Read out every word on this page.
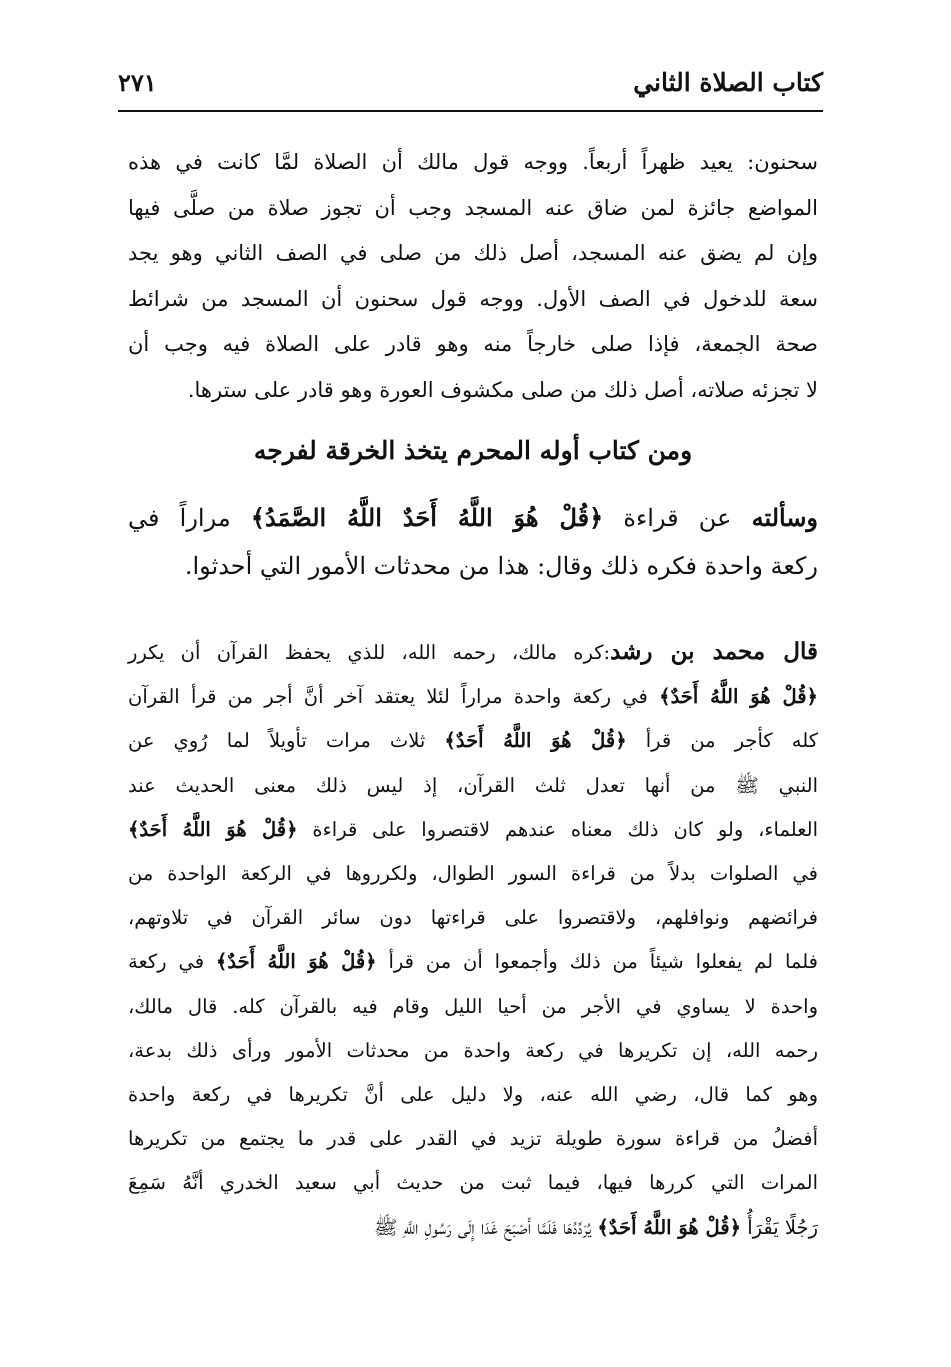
كتاب الصلاة الثاني
٢٧١
سحنون: يعيد ظهراً أربعاً. ووجه قول مالك أن الصلاة لمَّا كانت في هذه
المواضع جائزة لمن ضاق عنه المسجد وجب أن تجوز صلاة من صلَّى فيها
وإن لم يضق عنه المسجد، أصل ذلك من صلى في الصف الثاني وهو يجد
سعة للدخول في الصف الأول. ووجه قول سحنون أن المسجد من شرائط
صحة الجمعة، فإذا صلى خارجاً منه وهو قادر على الصلاة فيه وجب أن
لا تجزئه صلاته، أصل ذلك من صلى مكشوف العورة وهو قادر على سترها.
ومن كتاب أوله المحرم يتخذ الخرقة لفرجه
وسألته عن قراءة ﴿قُلْ هُوَ اللَّهُ أَحَدٌ اللَّهُ الصَّمَدُ﴾ مراراً في
ركعة واحدة فكره ذلك وقال: هذا من محدثات الأمور التي أحدثوا.
قال محمد بن رشد:كره مالك، رحمه الله، للذي يحفظ القرآن أن يكرر
﴿قُلْ هُوَ اللَّهُ أَحَدٌ﴾ في ركعة واحدة مراراً لئلا يعتقد آخر أنَّ أجر من قرأ القرآن
كله كأجر من قرأ ﴿قُلْ هُوَ اللَّهُ أَحَدٌ﴾ ثلاث مرات تأويلاً لما رُوي عن
النبي ﷺ من أنها تعدل ثلث القرآن، إذ ليس ذلك معنى الحديث عند
العلماء، ولو كان ذلك معناه عندهم لاقتصروا على قراءة ﴿قُلْ هُوَ اللَّهُ أَحَدٌ﴾
في الصلوات بدلاً من قراءة السور الطوال، ولكرروها في الركعة الواحدة من
فرائضهم ونوافلهم، ولاقتصروا على قراءتها دون سائر القرآن في تلاوتهم،
فلما لم يفعلوا شيئاً من ذلك وأجمعوا أن من قرأ ﴿قُلْ هُوَ اللَّهُ أَحَدٌ﴾ في ركعة
واحدة لا يساوي في الأجر من أحيا الليل وقام فيه بالقرآن كله. قال مالك،
رحمه الله، إن تكريرها في ركعة واحدة من محدثات الأمور ورأى ذلك بدعة،
وهو كما قال، رضي الله عنه، ولا دليل على أنَّ تكريرها في ركعة واحدة
أفضلُ من قراءة سورة طويلة تزيد في القدر على قدر ما يجتمع من تكريرها
المرات التي كررها فيها، فيما ثبت من حديث أبي سعيد الخدري أنَّهُ سَمِعَ
رَجُلًا يَقْرَأُ ﴿قُلْ هُوَ اللَّهُ أَحَدٌ﴾ يُرَدِّدُهَا فَلَمَّا أَصْبَحَ غَدَا إِلَى رَسُولِ اللَّهِ ﷺ
